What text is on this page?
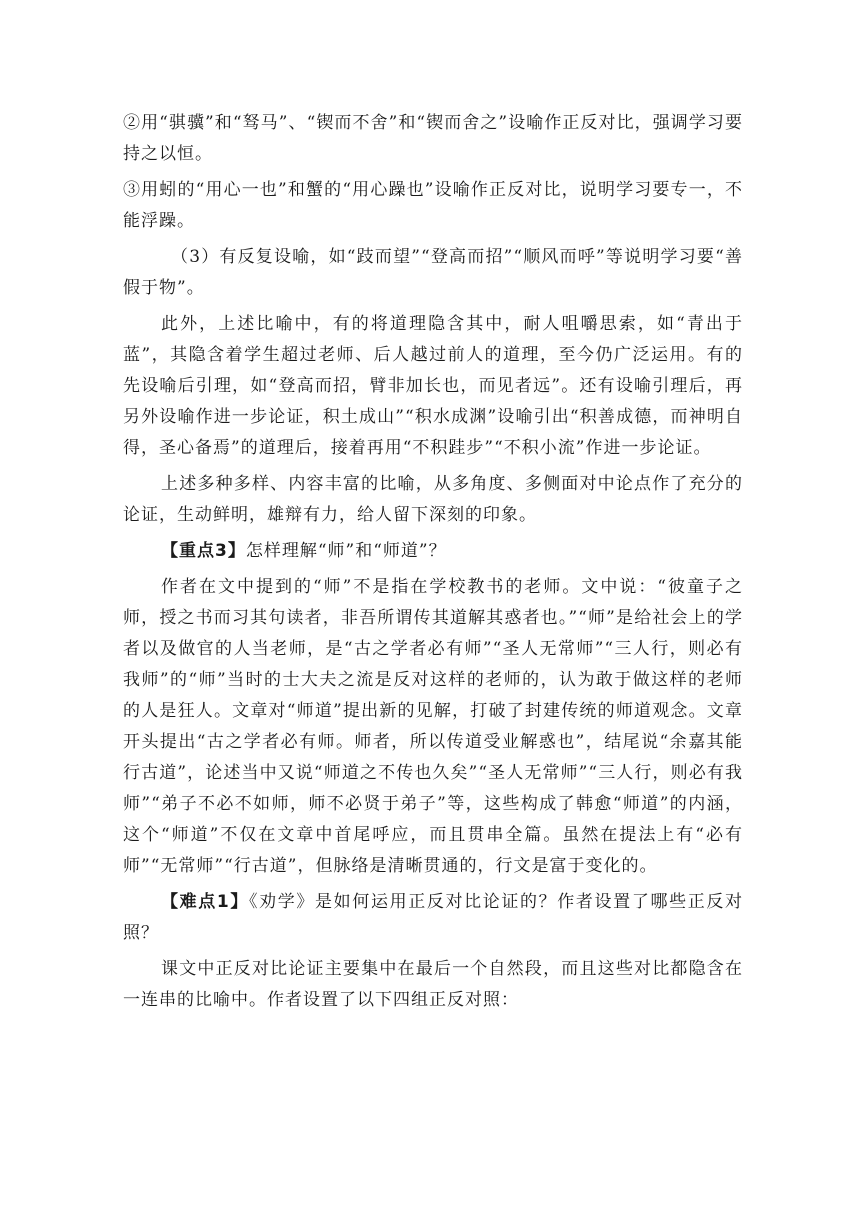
②用“骐骥”和“驽马”、“锲而不舍”和“锲而舍之”设喻作正反对比，强调学习要持之以恒。

③用蚓的“用心一也”和蟹的“用心躁也”设喻作正反对比，说明学习要专一，不能浮躁。

（3）有反复设喻，如“跂而望”“登高而招”“顺风而呼”等说明学习要“善假于物”。

此外，上述比喻中，有的将道理隐含其中，耐人咀嚼思索，如“青出于蓝”，其隐含着学生超过老师、后人越过前人的道理，至今仍广泛运用。有的先设喻后引理，如“登高而招，臂非加长也，而见者远”。还有设喻引理后，再另外设喻作进一步论证，积土成山”“积水成渊”设喻引出“积善成德，而神明自得，圣心备焉”的道理后，接着再用“不积跬步”“不积小流”作进一步论证。

上述多种多样、内容丰富的比喻，从多角度、多侧面对中论点作了充分的论证，生动鲜明，雄辩有力，给人留下深刻的印象。

【重点3】怎样理解“师”和“师道”？

作者在文中提到的“师”不是指在学校教书的老师。文中说：“彼童子之师，授之书而习其句读者，非吾所谓传其道解其惑者也。”“师”是给社会上的学者以及做官的人当老师，是“古之学者必有师”“圣人无常师”“三人行，则必有我师”的“师”当时的士大夫之流是反对这样的老师的，认为敢于做这样的老师的人是狂人。文章对“师道”提出新的见解，打破了封建传统的师道观念。文章开头提出“古之学者必有师。师者，所以传道受业解惑也”，结尾说“余嘉其能行古道”，论述当中又说“师道之不传也久矣”“圣人无常师”“三人行，则必有我师”“弟子不必不如师，师不必贤于弟子”等，这些构成了韩愈“师道”的内涵，这个“师道”不仅在文章中首尾呼应，而且贯串全篇。虽然在提法上有“必有师”“无常师”“行古道”，但脉络是清晰贯通的，行文是富于变化的。

【难点1】《劝学》是如何运用正反对比论证的？作者设置了哪些正反对照？

课文中正反对比论证主要集中在最后一个自然段，而且这些对比都隐含在一连串的比喻中。作者设置了以下四组正反对照：
